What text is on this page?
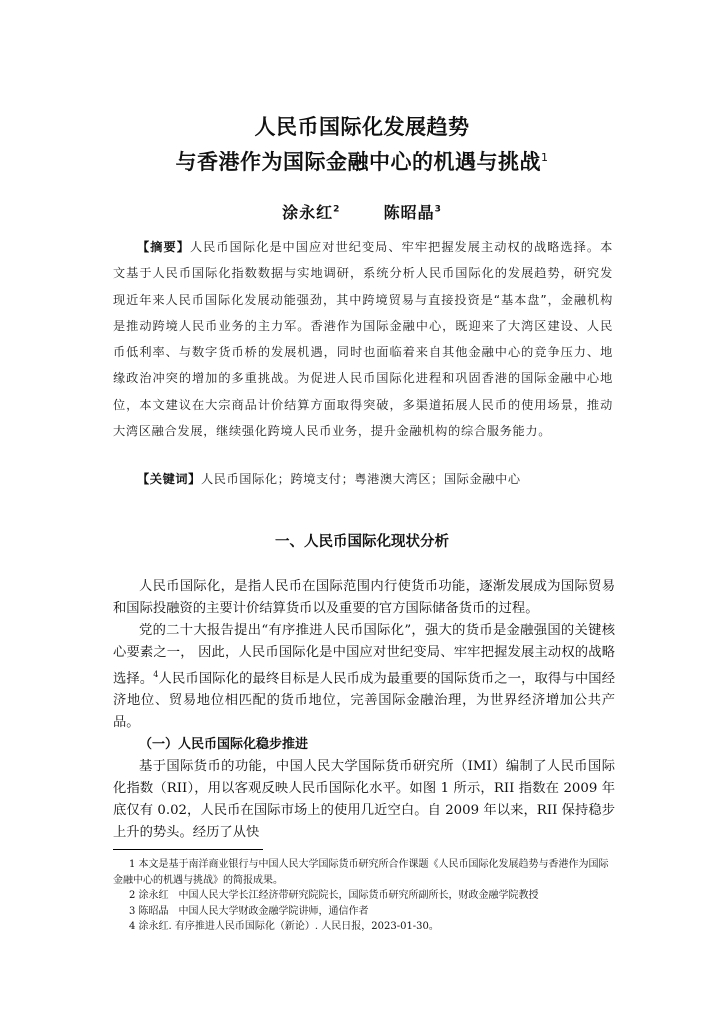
人民币国际化发展趋势
与香港作为国际金融中心的机遇与挑战$^1$
涂永红$^2$	陈昭晶$^3$
【摘要】人民币国际化是中国应对世纪变局、牢牢把握发展主动权的战略选择。本文基于人民币国际化指数数据与实地调研，系统分析人民币国际化的发展趋势，研究发现近年来人民币国际化发展动能强劲，其中跨境贸易与直接投资是“基本盘”，金融机构是推动跨境人民币业务的主力军。香港作为国际金融中心，既迎来了大湾区建设、人民币低利率、与数字货币桥的发展机遇，同时也面临着来自其他金融中心的竞争压力、地缘政治冲突的增加的多重挑战。为促进人民币国际化进程和巩固香港的国际金融中心地位，本文建议在大宗商品计价结算方面取得突破，多渠道拓展人民币的使用场景，推动大湾区融合发展，继续强化跨境人民币业务，提升金融机构的综合服务能力。
【关键词】人民币国际化；跨境支付；粤港澳大湾区；国际金融中心
一、人民币国际化现状分析

人民币国际化，是指人民币在国际范围内行使货币功能，逐渐发展成为国际贸易和国际投融资的主要计价结算货币以及重要的官方国际储备货币的过程。

党的二十大报告提出“有序推进人民币国际化”，强大的货币是金融强国的关键核心要素之一， 因此，人民币国际化是中国应对世纪变局、牢牢把握发展主动权的战略选择。$^4$人民币国际化的最终目标是人民币成为最重要的国际货币之一，取得与中国经济地位、贸易地位相匹配的货币地位，完善国际金融治理，为世界经济增加公共产品。

（一）人民币国际化稳步推进

基于国际货币的功能，中国人民大学国际货币研究所（IMI）编制了人民币国际化指数（RII），用以客观反映人民币国际化水平。如图 1 所示，RII 指数在 2009 年底仅有 0.02，人民币在国际市场上的使用几近空白。自 2009 年以来，RII 保持稳步上升的势头。经历了从快

1 本文是基于南洋商业银行与中国人民大学国际货币研究所合作课题《人民币国际化发展趋势与香港作为国际金融中心的机遇与挑战》的简报成果。

2 涂永红　中国人民大学长江经济带研究院院长，国际货币研究所副所长，财政金融学院教授

3 陈昭晶　中国人民大学财政金融学院讲师，通信作者

4 涂永红. 有序推进人民币国际化（新论）. 人民日报，2023-01-30。
